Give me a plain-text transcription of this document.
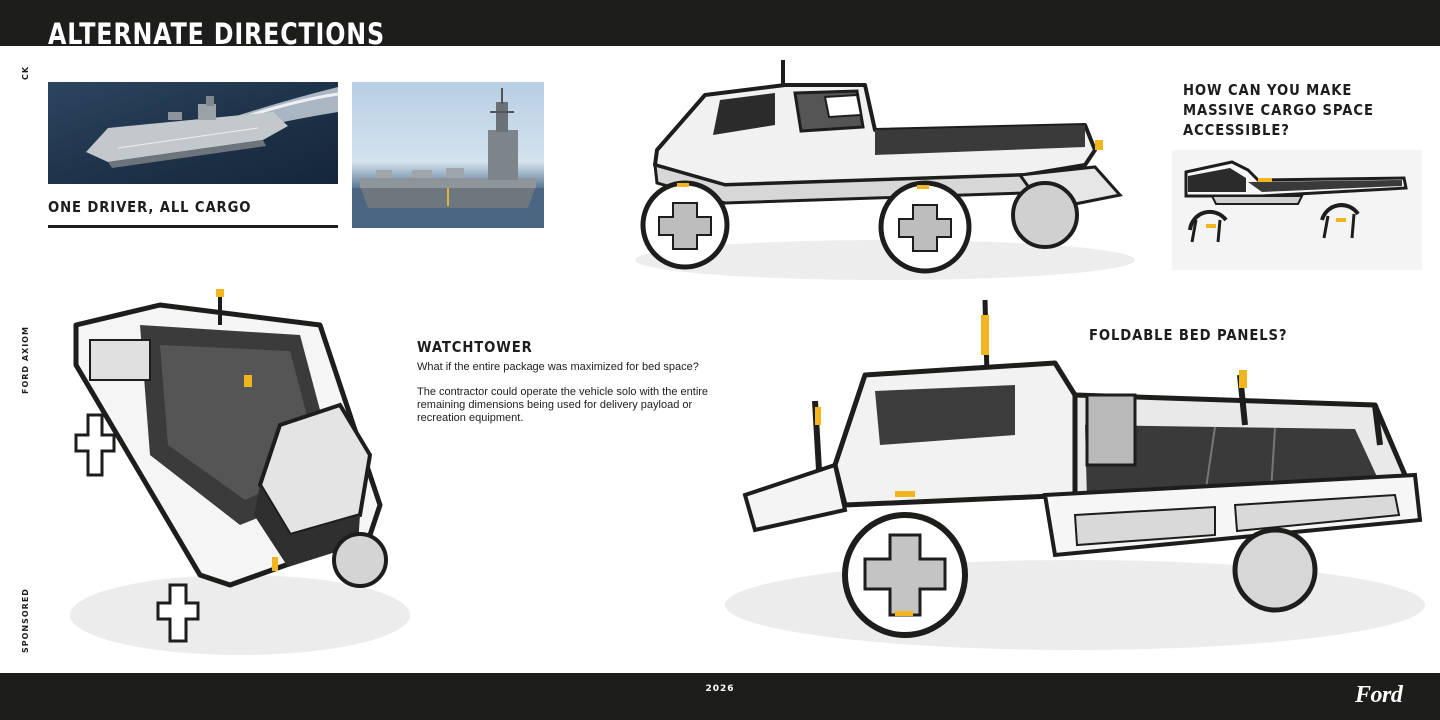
ALTERNATE DIRECTIONS
CK
FORD AXIOM
SPONSORED
ONE DRIVER, ALL CARGO
HOW CAN YOU MAKE MASSIVE CARGO SPACE ACCESSIBLE?
WATCHTOWER

What if the entire package was maximized for bed space?

The contractor could operate the vehicle solo with the entire remaining dimensions being used for delivery payload or recreation equipment.

FOLDABLE BED PANELS?
2026	Ford
